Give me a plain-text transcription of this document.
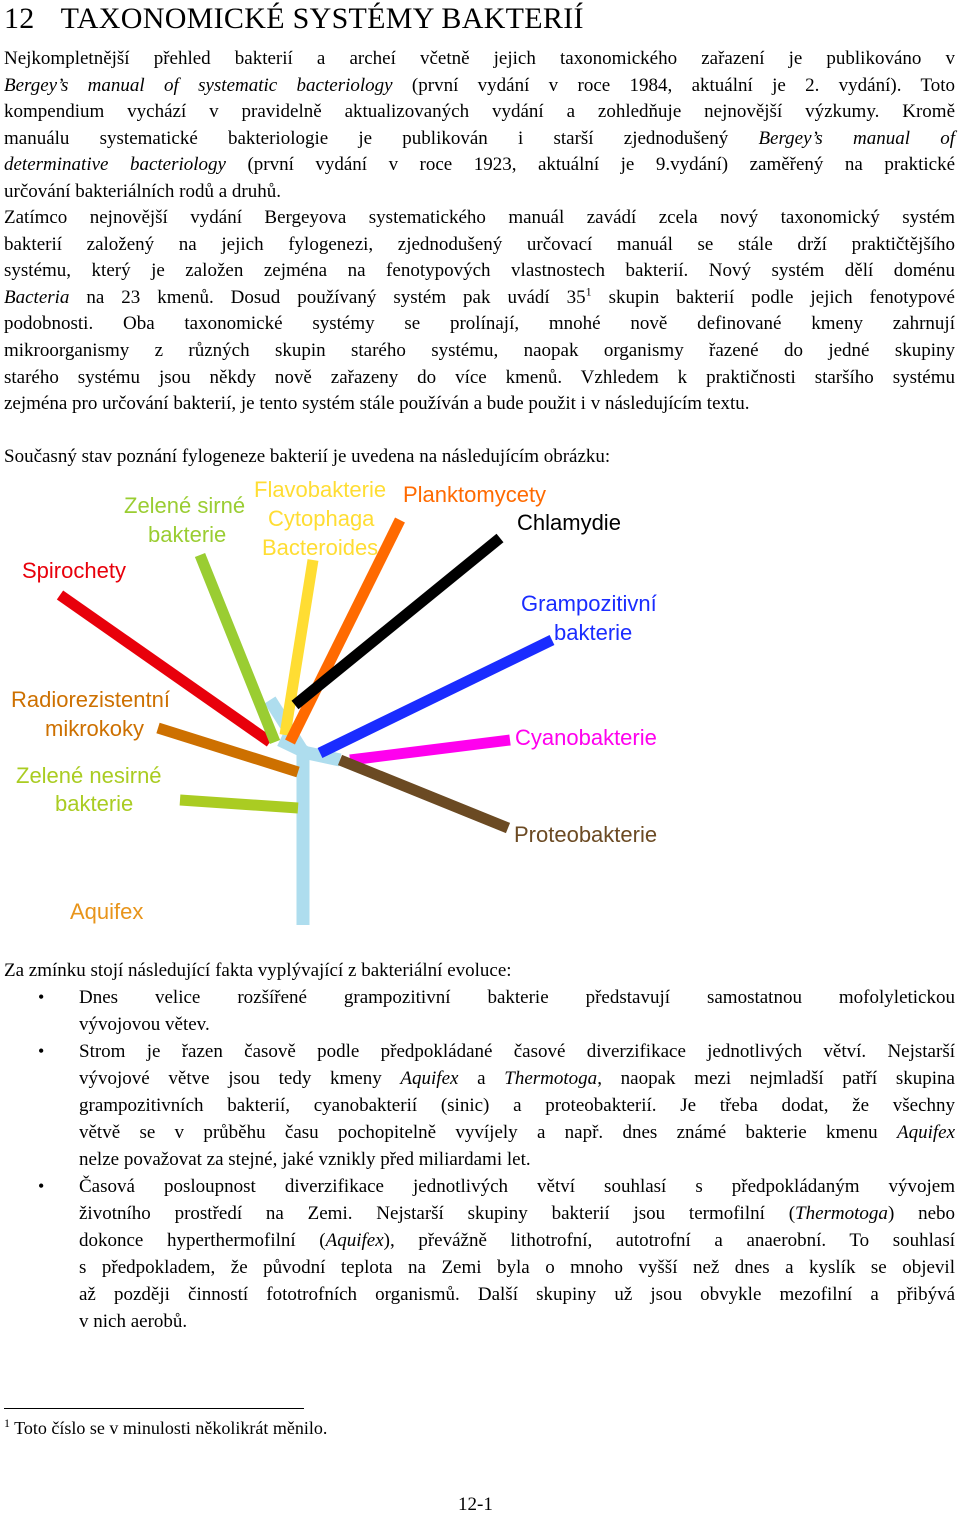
12 TAXONOMICKÉ SYSTÉMY BAKTERIÍ
Nejkompletnější přehled bakterií a archeí včetně jejich taxonomického zařazení je publikováno v
Bergey’s manual of systematic bacteriology (první vydání v roce 1984, aktuální je 2. vydání). Toto
kompendium vychází v pravidelně aktualizovaných vydání a zohledňuje nejnovější výzkumy. Kromě
manuálu systematické bakteriologie je publikován i starší zjednodušený Bergey’s manual of
determinative bacteriology (první vydání v roce 1923, aktuální je 9.vydání) zaměřený na praktické
určování bakteriálních rodů a druhů.
Zatímco nejnovější vydání Bergeyova systematického manuál zavádí zcela nový taxonomický systém
bakterií založený na jejich fylogenezi, zjednodušený určovací manuál se stále drží praktičtějšího
systému, který je založen zejména na fenotypových vlastnostech bakterií. Nový systém dělí doménu
Bacteria na 23 kmenů. Dosud používaný systém pak uvádí $35^1$ skupin bakterií podle jejich fenotypové
podobnosti. Oba taxonomické systémy se prolínají, mnohé nově definované kmeny zahrnují
mikroorganismy z různých skupin starého systému, naopak organismy řazené do jedné skupiny
starého systému jsou někdy nově zařazeny do více kmenů. Vzhledem k praktičnosti staršího systému
zejména pro určování bakterií, je tento systém stále používán a bude použit i v následujícím textu.
Současný stav poznání fylogeneze bakterií je uvedena na následujícím obrázku:
Spirochety
Zelené sirné
bakterie
Flavobakterie
Cytophaga
Bacteroides
Planktomycety
Chlamydie
Grampozitivní
bakterie
Radiorezistentní
mikrokoky	Cyanobakterie
Zelené nesirné
bakterie
Proteobakterie
Aquifex
Za zmínku stojí následující fakta vyplývající z bakteriální evoluce:
• Dnes velice rozšířené grampozitivní bakterie představují samostatnou mofolyletickou
vývojovou větev.
• Strom je řazen časově podle předpokládané časové diverzifikace jednotlivých větví. Nejstarší
vývojové větve jsou tedy kmeny Aquifex a Thermotoga, naopak mezi nejmladší patří skupina
grampozitivních bakterií, cyanobakterií (sinic) a proteobakterií. Je třeba dodat, že všechny
větvě se v průběhu času pochopitelně vyvíjely a např. dnes známé bakterie kmenu Aquifex
nelze považovat za stejné, jaké vznikly před miliardami let.
• Časová posloupnost diverzifikace jednotlivých větví souhlasí s předpokládaným vývojem
životního prostředí na Zemi. Nejstarší skupiny bakterií jsou termofilní (Thermotoga) nebo
dokonce hyperthermofilní (Aquifex), převážně lithotrofní, autotrofní a anaerobní. To souhlasí
s předpokladem, že původní teplota na Zemi byla o mnoho vyšší než dnes a kyslík se objevil
až později činností fototrofních organismů. Další skupiny už jsou obvykle mezofilní a přibývá
v nich aerobů.
$^1$ Toto číslo se v minulosti několikrát měnilo.
12-1
